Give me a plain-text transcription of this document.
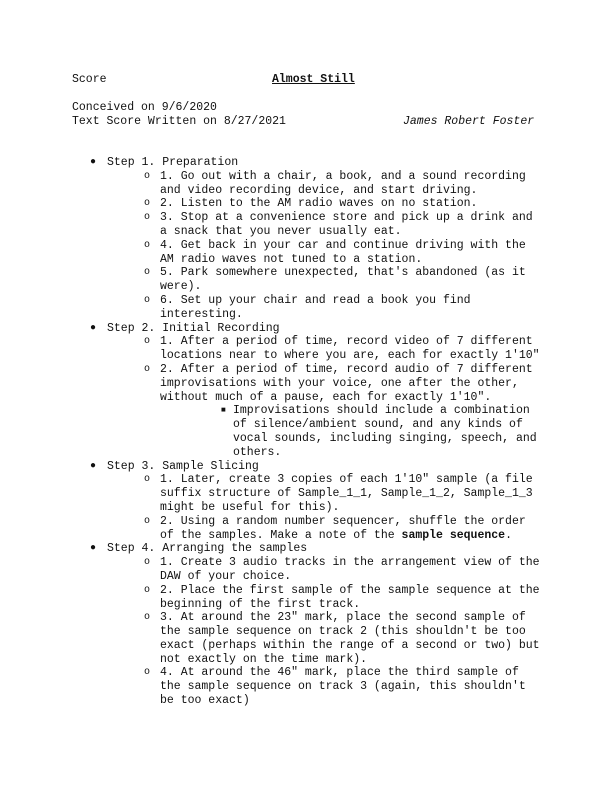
Score	Almost Still
Conceived on 9/6/2020
Text Score Written on 8/27/2021	James Robert Foster
● Step 1. Preparation
o 1. Go out with a chair, a book, and a sound recording and video recording device, and start driving.
o 2. Listen to the AM radio waves on no station.
o 3. Stop at a convenience store and pick up a drink and a snack that you never usually eat.
o 4. Get back in your car and continue driving with the AM radio waves not tuned to a station.
o 5. Park somewhere unexpected, that's abandoned (as it were).
o 6. Set up your chair and read a book you find interesting.
● Step 2. Initial Recording
o 1. After a period of time, record video of 7 different locations near to where you are, each for exactly 1'10"
o 2. After a period of time, record audio of 7 different improvisations with your voice, one after the other, without much of a pause, each for exactly 1'10".
■ Improvisations should include a combination of silence/ambient sound, and any kinds of vocal sounds, including singing, speech, and others.
● Step 3. Sample Slicing
o 1. Later, create 3 copies of each 1'10" sample (a file suffix structure of Sample_1_1, Sample_1_2, Sample_1_3 might be useful for this).
o 2. Using a random number sequencer, shuffle the order of the samples. Make a note of the sample sequence.
● Step 4. Arranging the samples
o 1. Create 3 audio tracks in the arrangement view of the DAW of your choice.
o 2. Place the first sample of the sample sequence at the beginning of the first track.
o 3. At around the 23" mark, place the second sample of the sample sequence on track 2 (this shouldn't be too exact (perhaps within the range of a second or two) but not exactly on the time mark).
o 4. At around the 46" mark, place the third sample of the sample sequence on track 3 (again, this shouldn't be too exact)
